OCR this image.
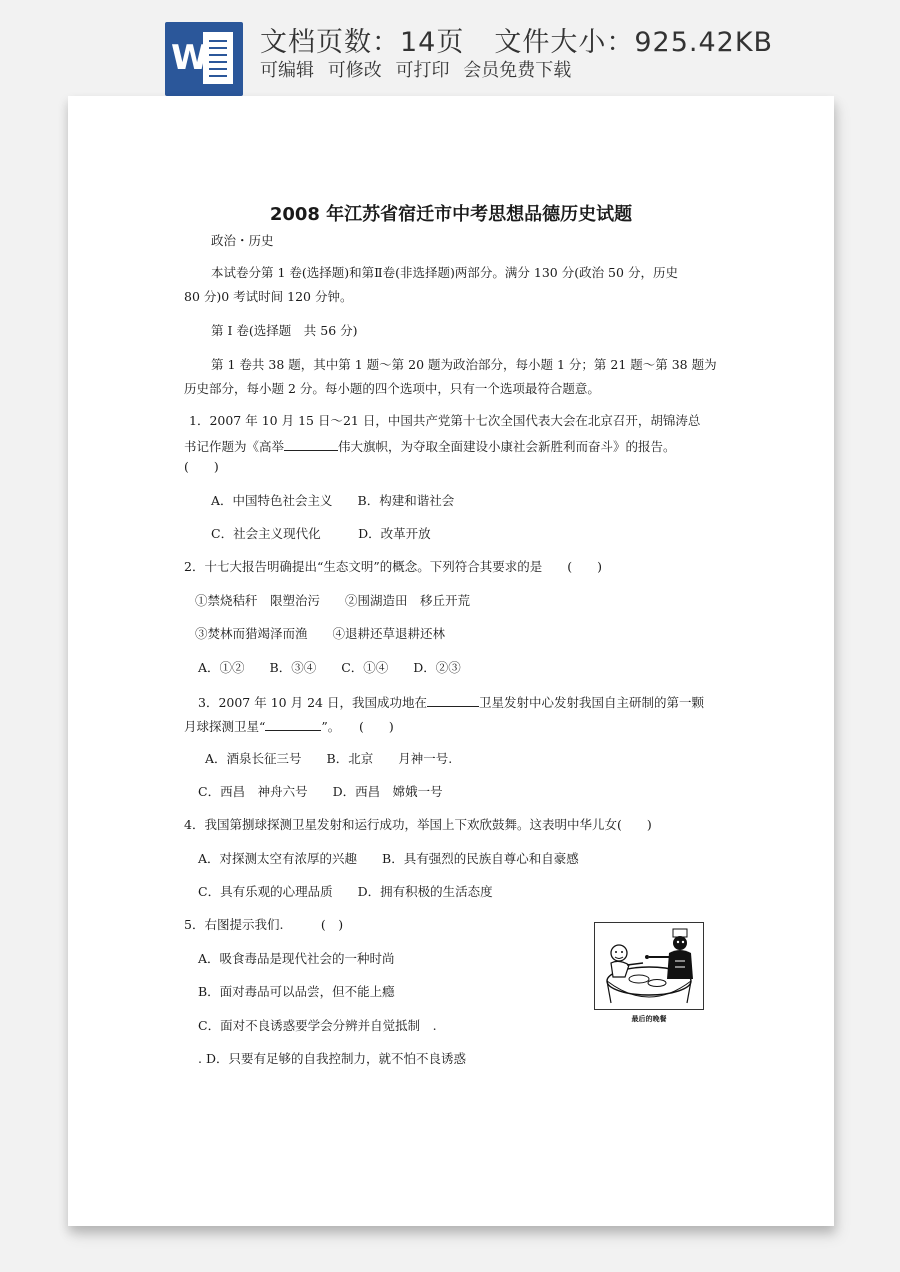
W 文档页数：14页 文件大小：925.42KB
可编辑 可修改 可打印 会员免费下载
2008 年江苏省宿迁市中考思想品德历史试题
政治・历史
本试卷分第 1 卷(选择题)和第Ⅱ卷(非选择题)两部分。满分 130 分(政治 50 分，历史
80 分)0 考试时间 120 分钟。
第 I 卷(选择题　共 56 分)
第 1 卷共 38 题，其中第 1 题～第 20 题为政治部分，每小题 1 分；第 21 题～第 38 题为
历史部分，每小题 2 分。每小题的四个选项中，只有一个选项最符合题意。
1．2007 年 10 月 15 日～21 日，中国共产党第十七次全国代表大会在北京召开，胡锦涛总
书记作题为《高举	伟大旗帜，为夺取全面建设小康社会新胜利而奋斗》的报告。
(　　)
A．中国特色社会主义　　B．构建和谐社会
C．社会主义现代化　　　D．改革开放
2．十七大报告明确提出“生态文明”的概念。下列符合其要求的是　　(　　)
①禁烧秸秆　限塑治污　　②围湖造田　移丘开荒
③焚林而猎竭泽而渔　　④退耕还草退耕还林
A．①②　　B．③④　　C．①④　　D．②③
3．2007 年 10 月 24 日，我国成功地在	卫星发射中心发射我国自主研制的第一颗
月球探测卫星“	”。　　(　　)
A．酒泉长征三号　　B．北京　　月神一号.
C．西昌　神舟六号　　D．西昌　嫦娥一号
4．我国第捌球探测卫星发射和运行成功，举国上下欢欣鼓舞。这表明中华儿女(　　)
A．对探测太空有浓厚的兴趣　　B．具有强烈的民族自尊心和自豪感
C．具有乐观的心理品质　　D．拥有积极的生活态度
5．右图提示我们.　　　(　)
A．吸食毒品是现代社会的一种时尚
B．面对毒品可以品尝，但不能上瘾
C．面对不良诱惑要学会分辨并自觉抵制　.
. D．只要有足够的自我控制力，就不怕不良诱惑
最后的晚餐
